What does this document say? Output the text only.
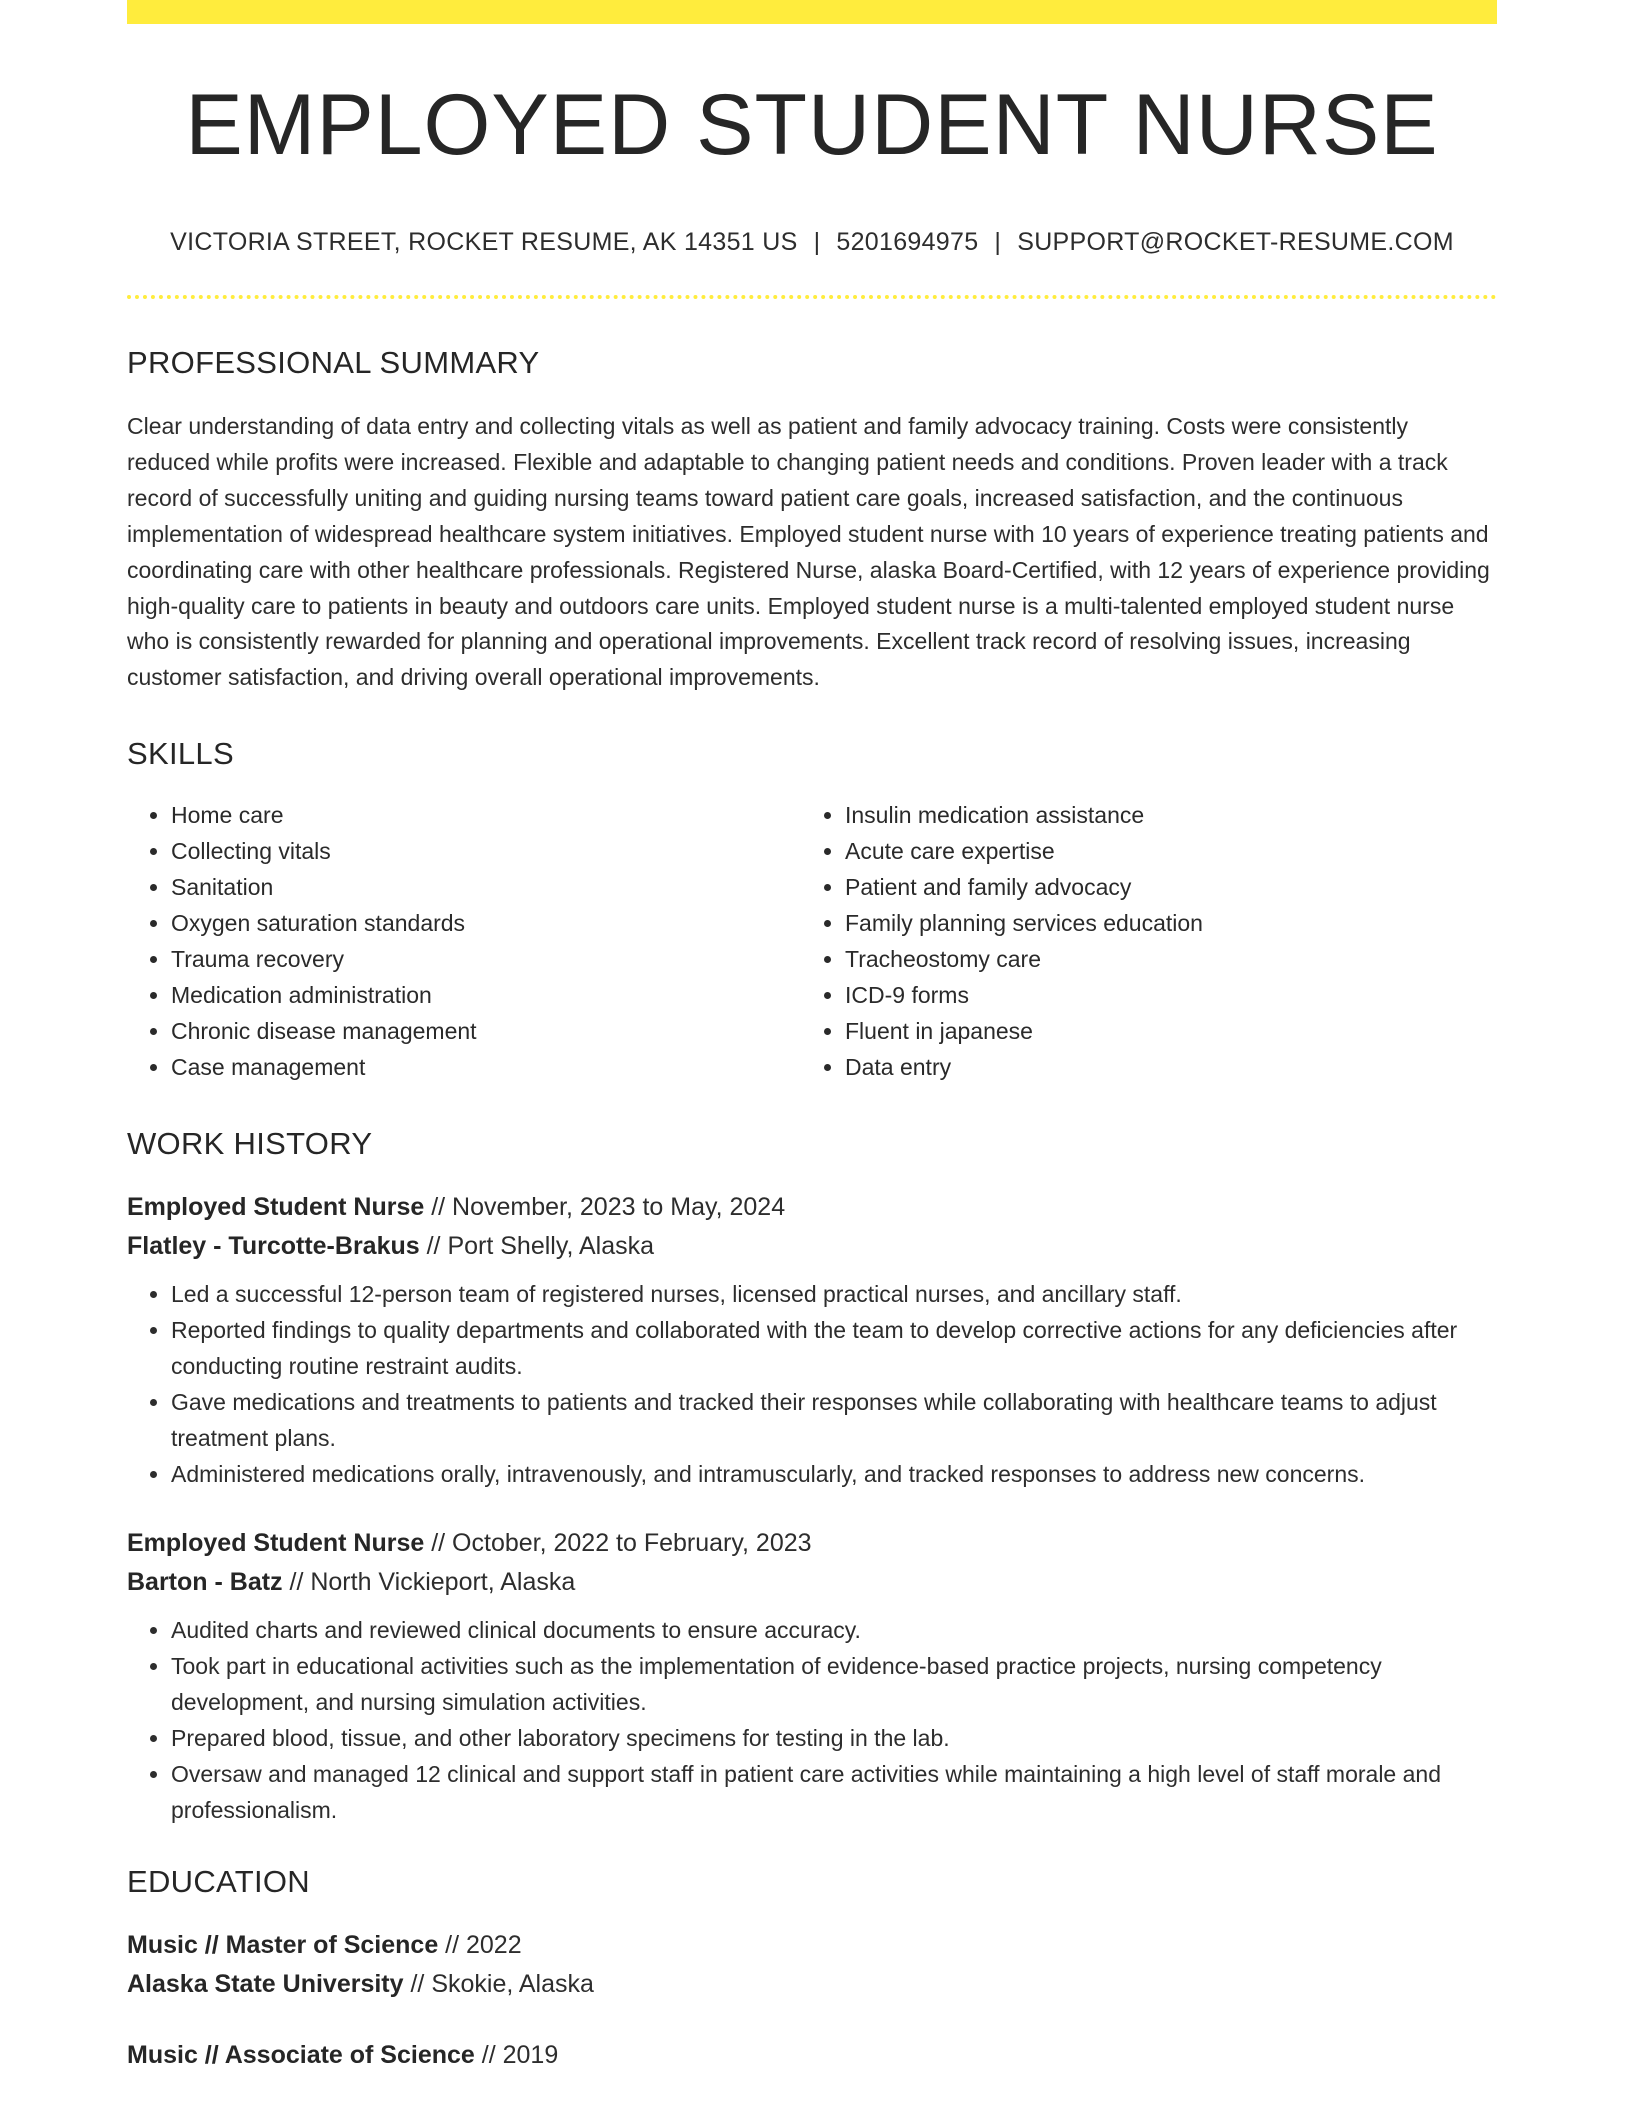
EMPLOYED STUDENT NURSE
VICTORIA STREET, ROCKET RESUME, AK 14351 US | 5201694975 | SUPPORT@ROCKET-RESUME.COM
PROFESSIONAL SUMMARY
Clear understanding of data entry and collecting vitals as well as patient and family advocacy training. Costs were consistently reduced while profits were increased. Flexible and adaptable to changing patient needs and conditions. Proven leader with a track record of successfully uniting and guiding nursing teams toward patient care goals, increased satisfaction, and the continuous implementation of widespread healthcare system initiatives. Employed student nurse with 10 years of experience treating patients and coordinating care with other healthcare professionals. Registered Nurse, alaska Board-Certified, with 12 years of experience providing high-quality care to patients in beauty and outdoors care units. Employed student nurse is a multi-talented employed student nurse who is consistently rewarded for planning and operational improvements. Excellent track record of resolving issues, increasing customer satisfaction, and driving overall operational improvements.
SKILLS
• Home care
• Collecting vitals
• Sanitation
• Oxygen saturation standards
• Trauma recovery
• Medication administration
• Chronic disease management
• Case management
• Insulin medication assistance
• Acute care expertise
• Patient and family advocacy
• Family planning services education
• Tracheostomy care
• ICD-9 forms
• Fluent in japanese
• Data entry
WORK HISTORY
Employed Student Nurse // November, 2023 to May, 2024
Flatley - Turcotte-Brakus // Port Shelly, Alaska
• Led a successful 12-person team of registered nurses, licensed practical nurses, and ancillary staff.
• Reported findings to quality departments and collaborated with the team to develop corrective actions for any deficiencies after conducting routine restraint audits.
• Gave medications and treatments to patients and tracked their responses while collaborating with healthcare teams to adjust treatment plans.
• Administered medications orally, intravenously, and intramuscularly, and tracked responses to address new concerns.
Employed Student Nurse // October, 2022 to February, 2023
Barton - Batz // North Vickieport, Alaska
• Audited charts and reviewed clinical documents to ensure accuracy.
• Took part in educational activities such as the implementation of evidence-based practice projects, nursing competency development, and nursing simulation activities.
• Prepared blood, tissue, and other laboratory specimens for testing in the lab.
• Oversaw and managed 12 clinical and support staff in patient care activities while maintaining a high level of staff morale and professionalism.
EDUCATION
Music // Master of Science // 2022
Alaska State University // Skokie, Alaska
Music // Associate of Science // 2019
